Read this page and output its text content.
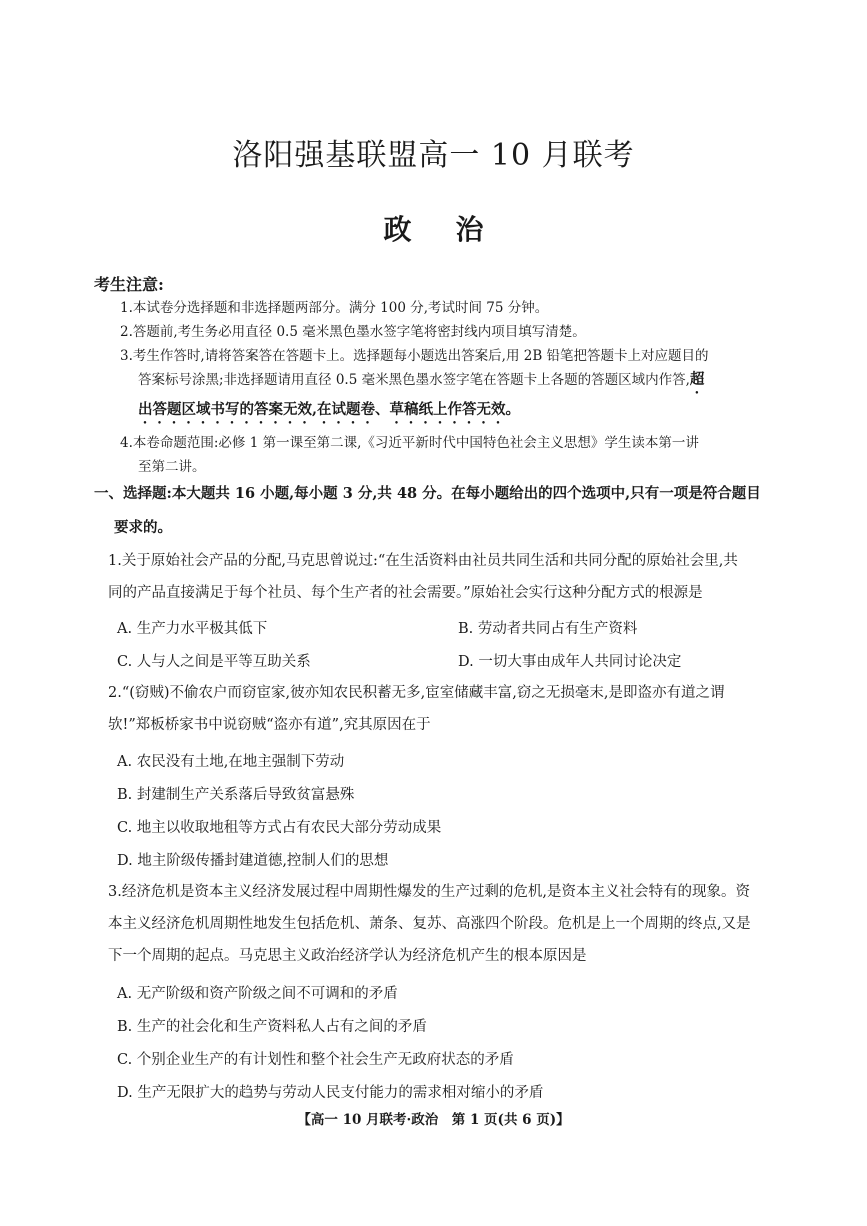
洛阳强基联盟高一 10 月联考
政治
考生注意:
1.本试卷分选择题和非选择题两部分。满分 100 分,考试时间 75 分钟。
2.答题前,考生务必用直径 0.5 毫米黑色墨水签字笔将密封线内项目填写清楚。
3.考生作答时,请将答案答在答题卡上。选择题每小题选出答案后,用 2B 铅笔把答题卡上对应题目的
答案标号涂黑;非选择题请用直径 0.5 毫米黑色墨水签字笔在答题卡上各题的答题区域内作答,超
出答题区域书写的答案无效,在试题卷、草稿纸上作答无效。
4.本卷命题范围:必修 1 第一课至第二课,《习近平新时代中国特色社会主义思想》学生读本第一讲
至第二讲。
一、选择题:本大题共 16 小题,每小题 3 分,共 48 分。在每小题给出的四个选项中,只有一项是符合题目
要求的。
1.关于原始社会产品的分配,马克思曾说过:“在生活资料由社员共同生活和共同分配的原始社会里,共
同的产品直接满足于每个社员、每个生产者的社会需要。”原始社会实行这种分配方式的根源是
A. 生产力水平极其低下	B. 劳动者共同占有生产资料
C. 人与人之间是平等互助关系	D. 一切大事由成年人共同讨论决定
2.“(窃贼)不偷农户而窃宦家,彼亦知农民积蓄无多,宦室储藏丰富,窃之无损毫末,是即盗亦有道之谓
欤!”郑板桥家书中说窃贼“盗亦有道”,究其原因在于
A. 农民没有土地,在地主强制下劳动
B. 封建制生产关系落后导致贫富悬殊
C. 地主以收取地租等方式占有农民大部分劳动成果
D. 地主阶级传播封建道德,控制人们的思想
3.经济危机是资本主义经济发展过程中周期性爆发的生产过剩的危机,是资本主义社会特有的现象。资
本主义经济危机周期性地发生包括危机、萧条、复苏、高涨四个阶段。危机是上一个周期的终点,又是
下一个周期的起点。马克思主义政治经济学认为经济危机产生的根本原因是
A. 无产阶级和资产阶级之间不可调和的矛盾
B. 生产的社会化和生产资料私人占有之间的矛盾
C. 个别企业生产的有计划性和整个社会生产无政府状态的矛盾
D. 生产无限扩大的趋势与劳动人民支付能力的需求相对缩小的矛盾
【高一 10 月联考·政治　第 1 页(共 6 页)】
